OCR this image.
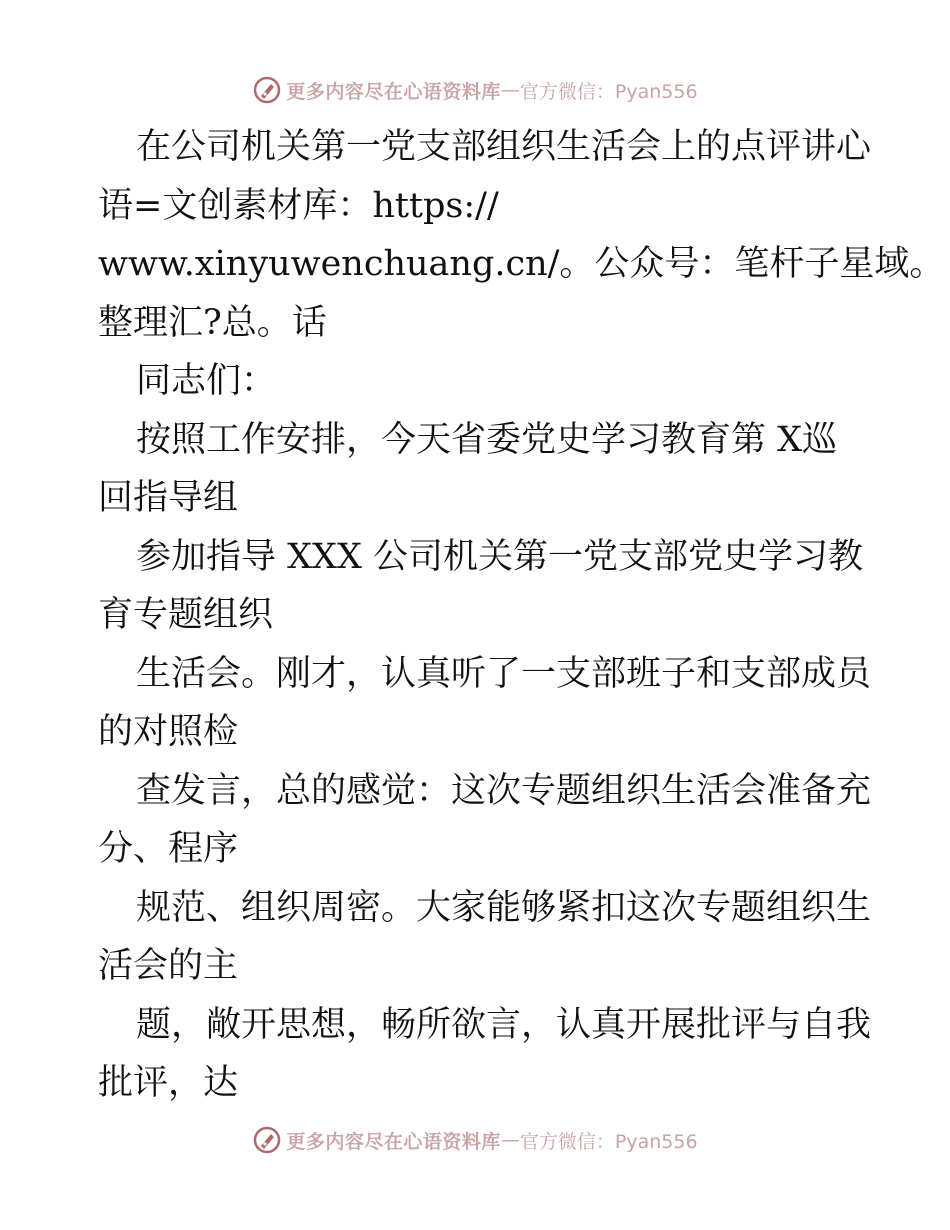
更多内容尽在心语资料库 — 官方微信：Pyan556
在公司机关第一党支部组织生活会上的点评讲心
语=文创素材库：https://
www.xinyuwenchuang.cn/。公众号：笔杆子星域。
整理汇?总。话
同志们：
按照工作安排，今天省委党史学习教育第 X巡
回指导组
参加指导 XXX 公司机关第一党支部党史学习教
育专题组织
生活会。刚才，认真听了一支部班子和支部成员
的对照检
查发言，总的感觉：这次专题组织生活会准备充
分、程序
规范、组织周密。大家能够紧扣这次专题组织生
活会的主
题，敞开思想，畅所欲言，认真开展批评与自我
批评，达
更多内容尽在心语资料库 — 官方微信：Pyan556
